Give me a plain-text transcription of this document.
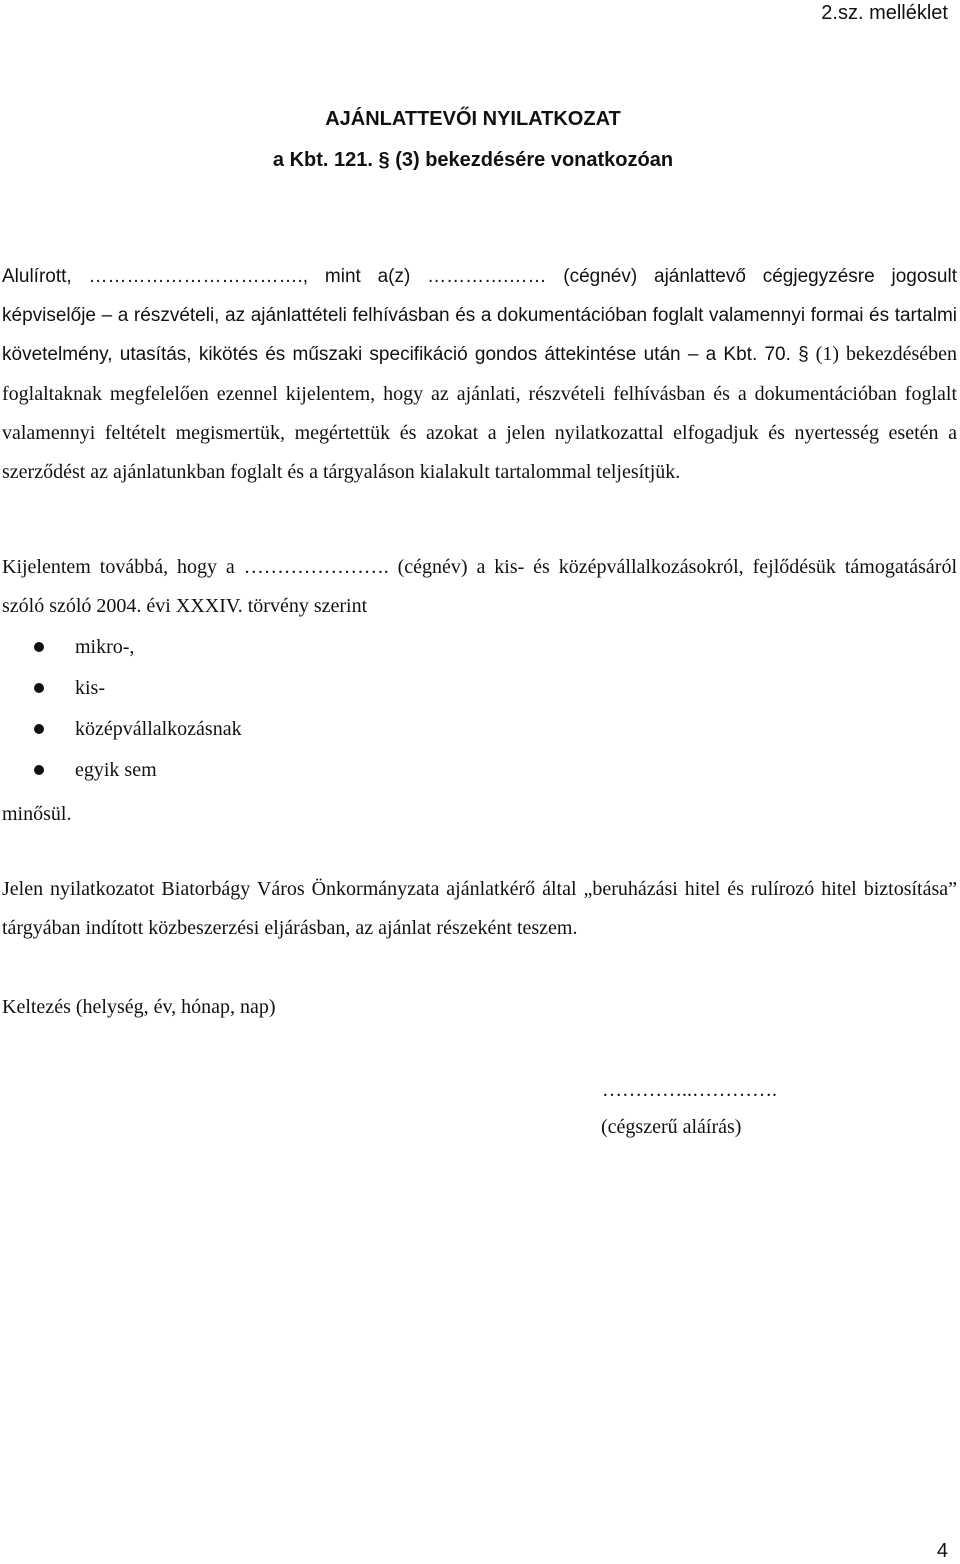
2.sz. melléklet
AJÁNLATTEVŐI NYILATKOZAT
a Kbt. 121. § (3) bekezdésére vonatkozóan
Alulírott, ……………………………., mint a(z) ………….…… (cégnév) ajánlattevő cégjegyzésre jogosult képviselője – a részvételi, az ajánlattételi felhívásban és a dokumentációban foglalt valamennyi formai és tartalmi követelmény, utasítás, kikötés és műszaki specifikáció gondos áttekintése után – a Kbt. 70. § (1) bekezdésében foglaltaknak megfelelően ezennel kijelentem, hogy az ajánlati, részvételi felhívásban és a dokumentációban foglalt valamennyi feltételt megismertük, megértettük és azokat a jelen nyilatkozattal elfogadjuk és nyertesség esetén a szerződést az ajánlatunkban foglalt és a tárgyaláson kialakult tartalommal teljesítjük.
Kijelentem továbbá, hogy a …………………. (cégnév) a kis- és középvállalkozásokról, fejlődésük támogatásáról szóló szóló 2004. évi XXXIV. törvény szerint
mikro-,
kis-
középvállalkozásnak
egyik sem
minősül.
Jelen nyilatkozatot Biatorbágy Város Önkormányzata ajánlatkérő által „beruházási hitel és rulírozó hitel biztosítása” tárgyában indított közbeszerzési eljárásban, az ajánlat részeként teszem.
Keltezés (helység, év, hónap, nap)
…………..………….
(cégszerű aláírás)
4
